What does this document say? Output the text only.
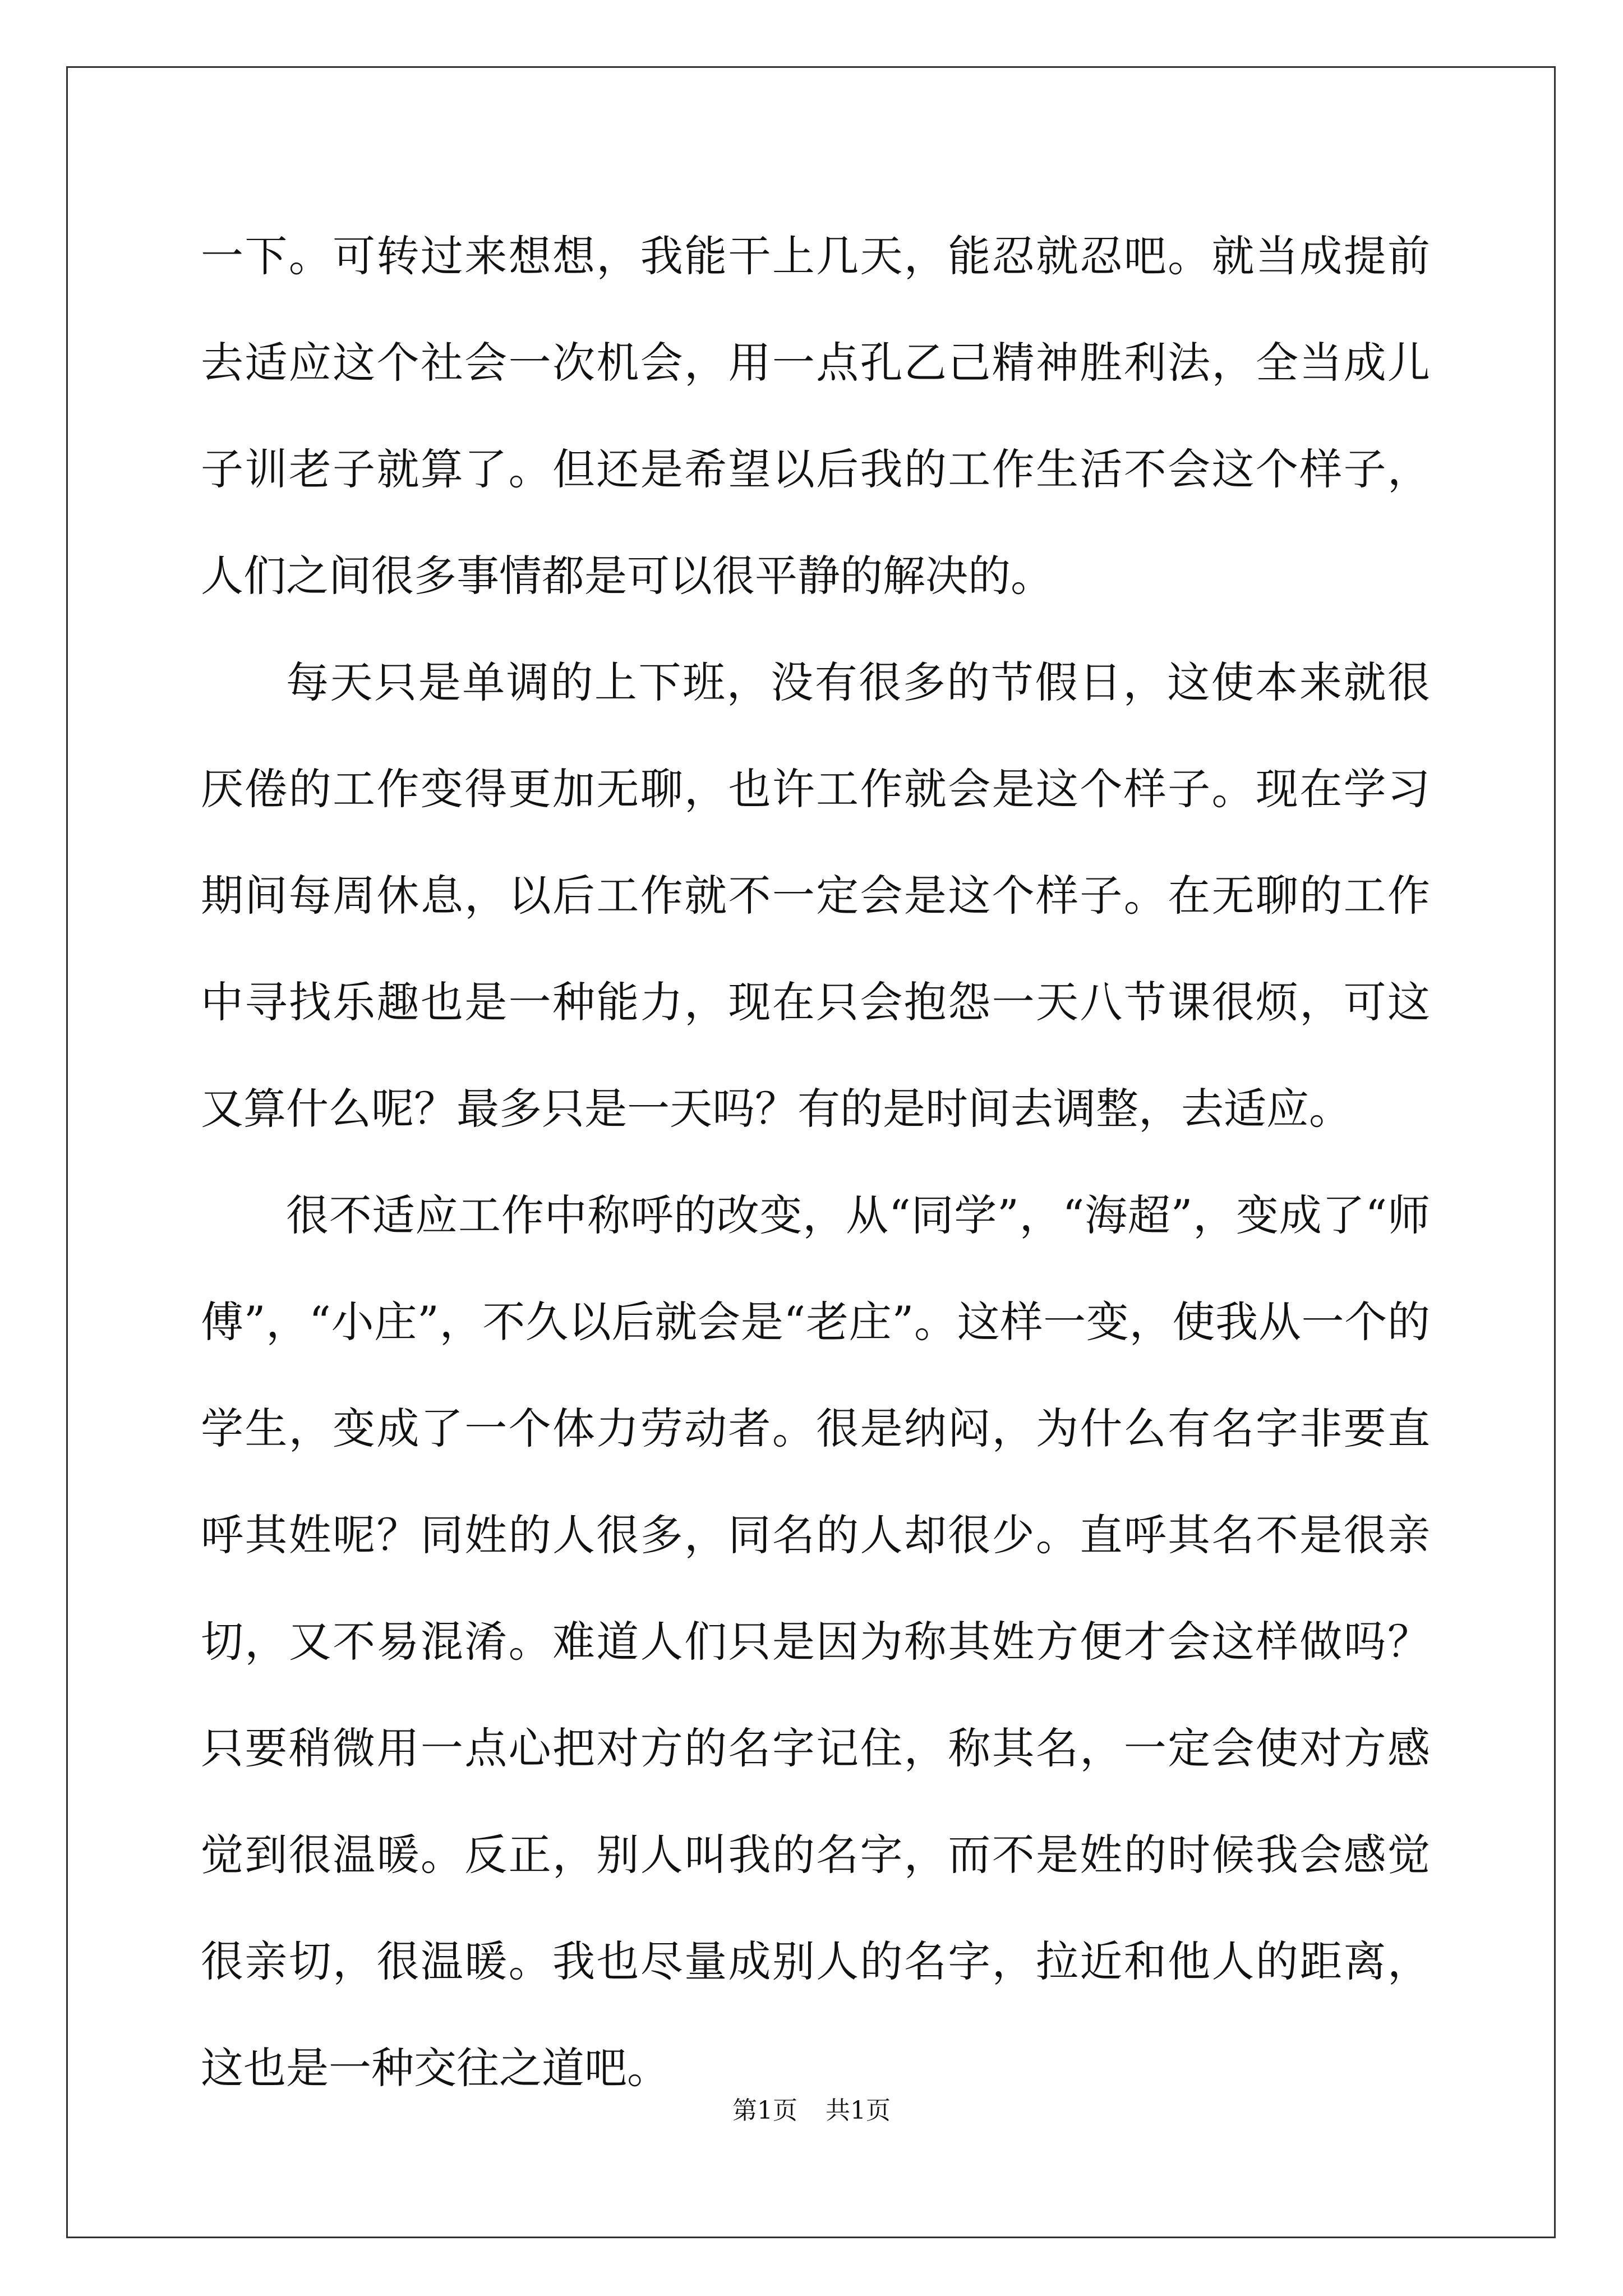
一下。可转过来想想，我能干上几天，能忍就忍吧。就当成提前去适应这个社会一次机会，用一点孔乙己精神胜利法，全当成儿子训老子就算了。但还是希望以后我的工作生活不会这个样子，人们之间很多事情都是可以很平静的解决的。

每天只是单调的上下班，没有很多的节假日，这使本来就很厌倦的工作变得更加无聊，也许工作就会是这个样子。现在学习期间每周休息，以后工作就不一定会是这个样子。在无聊的工作中寻找乐趣也是一种能力，现在只会抱怨一天八节课很烦，可这又算什么呢？最多只是一天吗？有的是时间去调整，去适应。

很不适应工作中称呼的改变，从“同学”，“海超”，变成了“师傅”，“小庄”，不久以后就会是“老庄”。这样一变，使我从一个的学生，变成了一个体力劳动者。很是纳闷，为什么有名字非要直呼其姓呢？同姓的人很多，同名的人却很少。直呼其名不是很亲切，又不易混淆。难道人们只是因为称其姓方便才会这样做吗？只要稍微用一点心把对方的名字记住，称其名，一定会使对方感觉到很温暖。反正，别人叫我的名字，而不是姓的时候我会感觉很亲切，很温暖。我也尽量成别人的名字，拉近和他人的距离，这也是一种交往之道吧。

第1页 共1页
